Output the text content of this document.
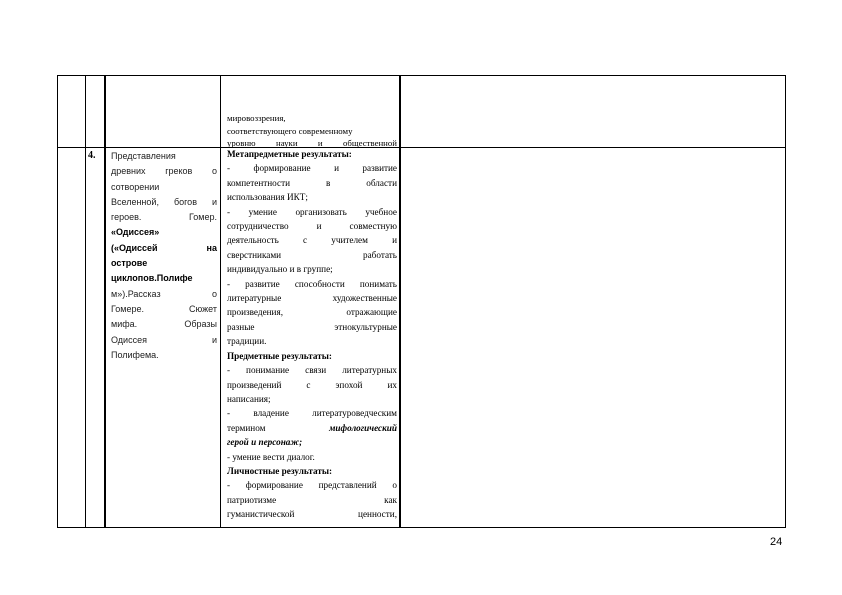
мировоззрения,
соответствующего современному
уровню науки и общественной
4. Представления
древних греков о
сотворении
Вселенной, богов и
героев. Гомер.
«Одиссея»
(«Одиссей на
острове
циклопов.Полифе
м»).Рассказ о
Гомере. Сюжет
мифа. Образы
Одиссея и
Полифема.
Метапредметные результаты:
- формирование и развитие
компетентности в области
использования ИКТ;
- умение организовать учебное
сотрудничество и совместную
деятельность с учителем и
сверстниками работать
индивидуально и в группе;
- развитие способности понимать
литературные художественные
произведения, отражающие
разные этнокультурные
традиции.
Предметные результаты:
- понимание связи литературных
произведений с эпохой их
написания;
- владение литературоведческим
термином	мифологический
герой и персонаж;
- умение вести диалог.
Личностные результаты:
- формирование представлений о
патриотизме как
гуманистической ценности,
24
